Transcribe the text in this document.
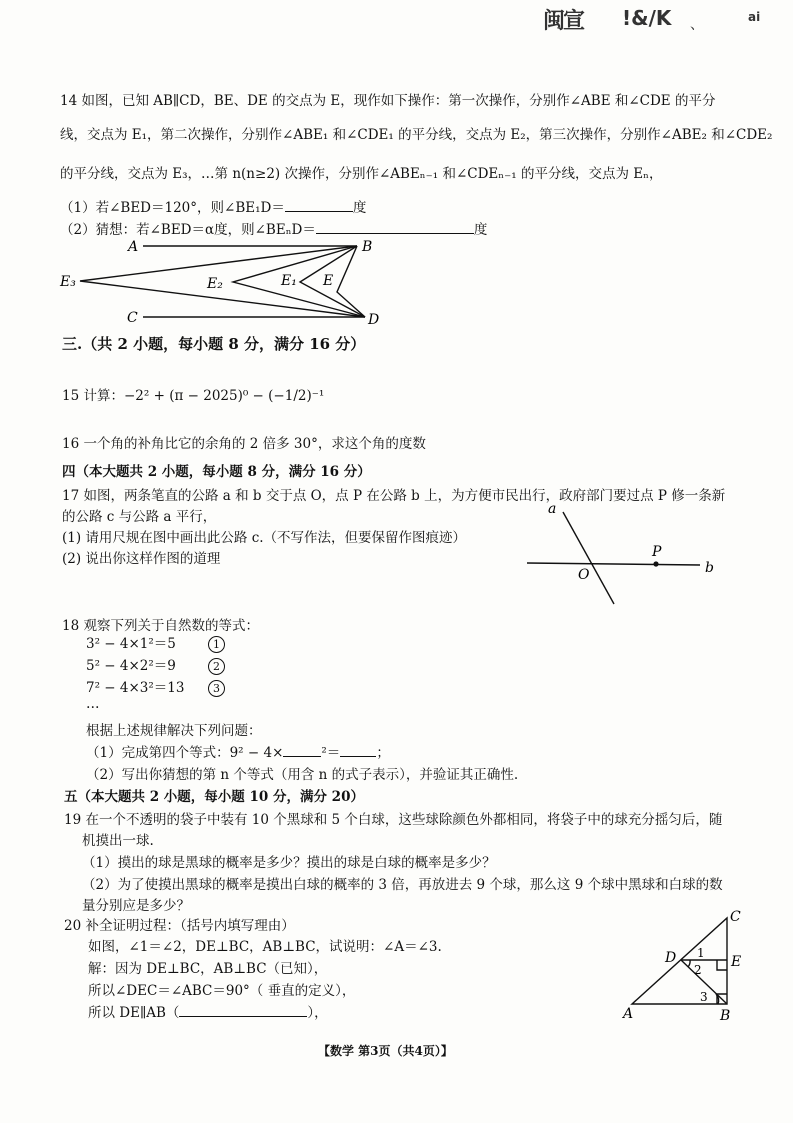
闽宣 !&/K 、	ai
14 如图，已知 AB∥CD，BE、DE 的交点为 E，现作如下操作：第一次操作，分别作∠ABE 和∠CDE 的平分
线，交点为 E₁，第二次操作，分别作∠ABE₁ 和∠CDE₁ 的平分线，交点为 E₂，第三次操作，分别作∠ABE₂ 和∠CDE₂
的平分线，交点为 E₃，…第 n(n≥2) 次操作，分别作∠ABEₙ₋₁ 和∠CDEₙ₋₁ 的平分线，交点为 Eₙ，
（1）若∠BED＝120°，则∠BE₁D＝	度
（2）猜想：若∠BED＝α度，则∠BEₙD＝	度
A	B
C	D
E
E₁
E₂
E₃
三.（共 2 小题，每小题 8 分，满分 16 分）
15 计算：−2² + (π − 2025)⁰ − (−1/2)⁻¹
16 一个角的补角比它的余角的 2 倍多 30°，求这个角的度数
四（本大题共 2 小题，每小题 8 分，满分 16 分）
17 如图，两条笔直的公路 a 和 b 交于点 O，点 P 在公路 b 上，为方便市民出行，政府部门要过点 P 修一条新
的公路 c 与公路 a 平行，
(1) 请用尺规在图中画出此公路 c.（不写作法，但要保留作图痕迹）
(2) 说出你这样作图的道理
a
b
O
P
18 观察下列关于自然数的等式：
3² − 4×1²＝5	1
5² − 4×2²＝9	2
7² − 4×3²＝13	3
…
根据上述规律解决下列问题：
（1）完成第四个等式：9² − 4×	²＝	；
（2）写出你猜想的第 n 个等式（用含 n 的式子表示），并验证其正确性.
五（本大题共 2 小题，每小题 10 分，满分 20）
19 在一个不透明的袋子中装有 10 个黑球和 5 个白球，这些球除颜色外都相同，将袋子中的球充分摇匀后，随
机摸出一球.
（1）摸出的球是黑球的概率是多少？摸出的球是白球的概率是多少？
（2）为了使摸出黑球的概率是摸出白球的概率的 3 倍，再放进去 9 个球，那么这 9 个球中黑球和白球的数
量分别应是多少？
20 补全证明过程：（括号内填写理由）
如图，∠1＝∠2，DE⊥BC，AB⊥BC，试说明：∠A＝∠3.
解：因为 DE⊥BC，AB⊥BC（已知），
所以∠DEC＝∠ABC＝90°（ 垂直的定义），
所以 DE∥AB（	），	A	B
C
D	E
1
2
3
【数学 第3页（共4页）】
